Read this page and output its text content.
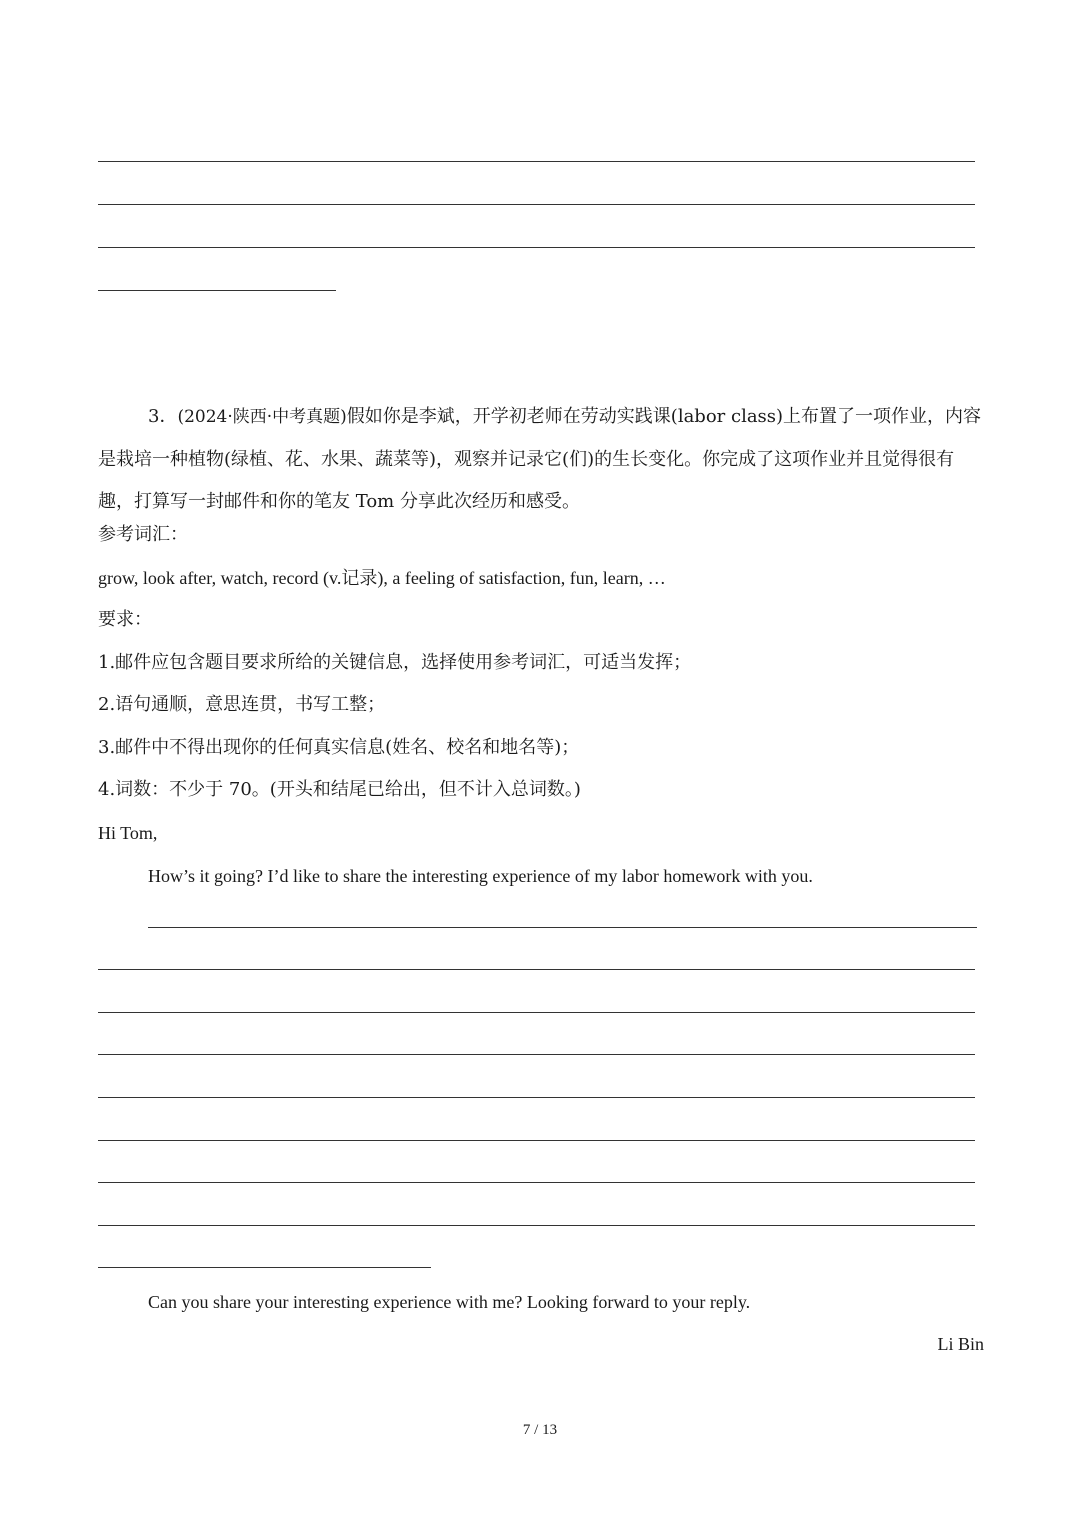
3．(2024·陕西·中考真题)假如你是李斌，开学初老师在劳动实践课(labor class)上布置了一项作业，内容是栽培一种植物(绿植、花、水果、蔬菜等)，观察并记录它(们)的生长变化。你完成了这项作业并且觉得很有趣，打算写一封邮件和你的笔友 Tom 分享此次经历和感受。
参考词汇：
grow, look after, watch, record (v.记录), a feeling of satisfaction, fun, learn, …
要求：
1.邮件应包含题目要求所给的关键信息，选择使用参考词汇，可适当发挥；
2.语句通顺，意思连贯，书写工整；
3.邮件中不得出现你的任何真实信息(姓名、校名和地名等)；
4.词数：不少于 70。(开头和结尾已给出，但不计入总词数。)
Hi Tom,
How’s it going? I’d like to share the interesting experience of my labor homework with you.
Can you share your interesting experience with me? Looking forward to your reply.
Li Bin
7 / 13
